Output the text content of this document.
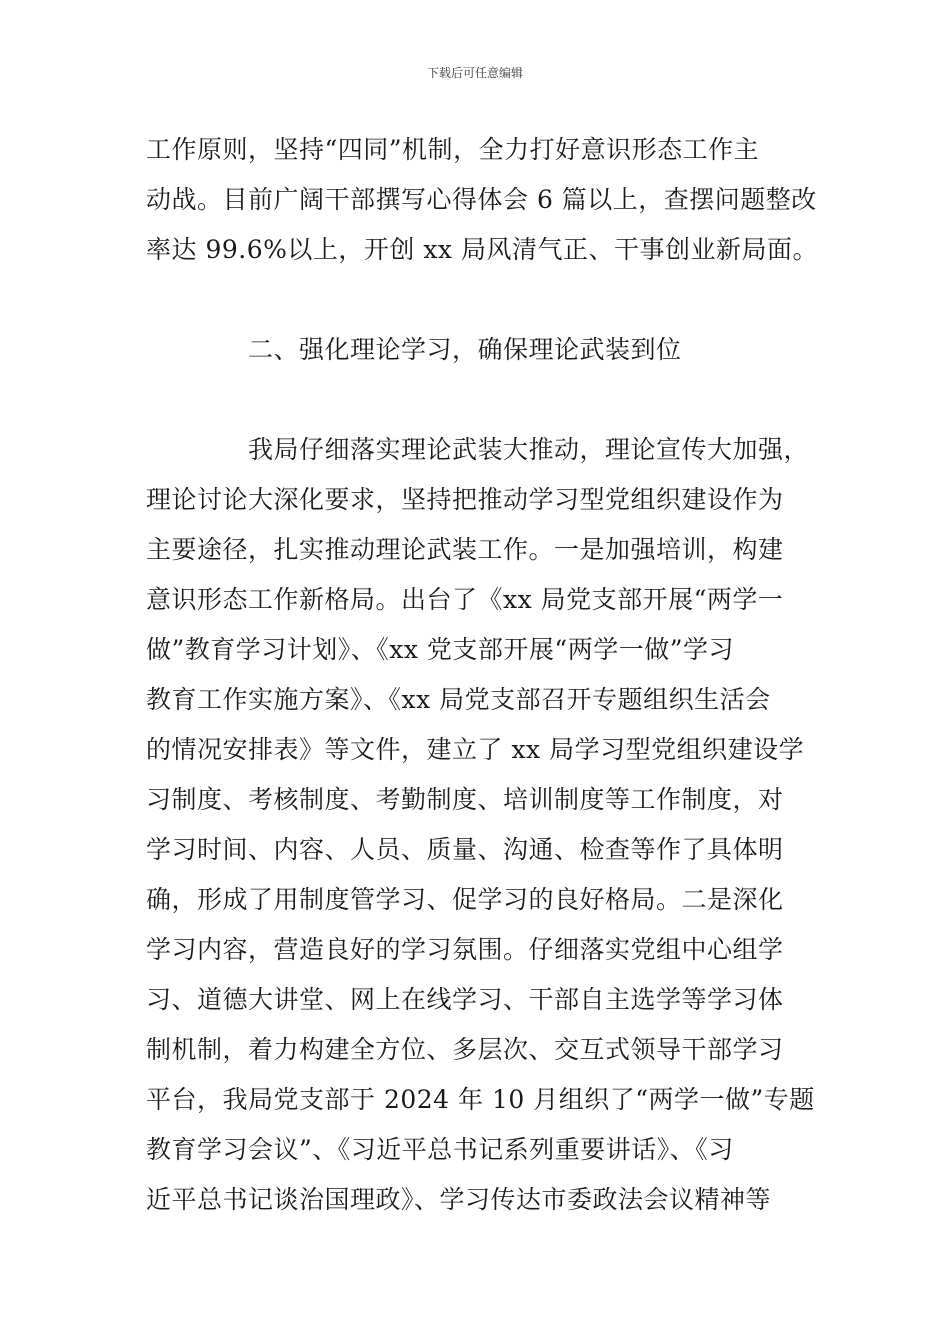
下载后可任意编辑
工作原则，坚持“四同”机制，全力打好意识形态工作主
动战。目前广阔干部撰写心得体会 6 篇以上，查摆问题整改
率达 99.6%以上，开创 xx 局风清气正、干事创业新局面。
二、强化理论学习，确保理论武装到位
我局仔细落实理论武装大推动，理论宣传大加强，
理论讨论大深化要求，坚持把推动学习型党组织建设作为
主要途径，扎实推动理论武装工作。一是加强培训，构建
意识形态工作新格局。出台了《xx 局党支部开展“两学一
做”教育学习计划》、《xx 党支部开展“两学一做”学习
教育工作实施方案》、《xx 局党支部召开专题组织生活会
的情况安排表》等文件，建立了 xx 局学习型党组织建设学
习制度、考核制度、考勤制度、培训制度等工作制度，对
学习时间、内容、人员、质量、沟通、检查等作了具体明
确，形成了用制度管学习、促学习的良好格局。二是深化
学习内容，营造良好的学习氛围。仔细落实党组中心组学
习、道德大讲堂、网上在线学习、干部自主选学等学习体
制机制，着力构建全方位、多层次、交互式领导干部学习
平台，我局党支部于 2024 年 10 月组织了“两学一做”专题
教育学习会议”、《习近平总书记系列重要讲话》、《习
近平总书记谈治国理政》、学习传达市委政法会议精神等
